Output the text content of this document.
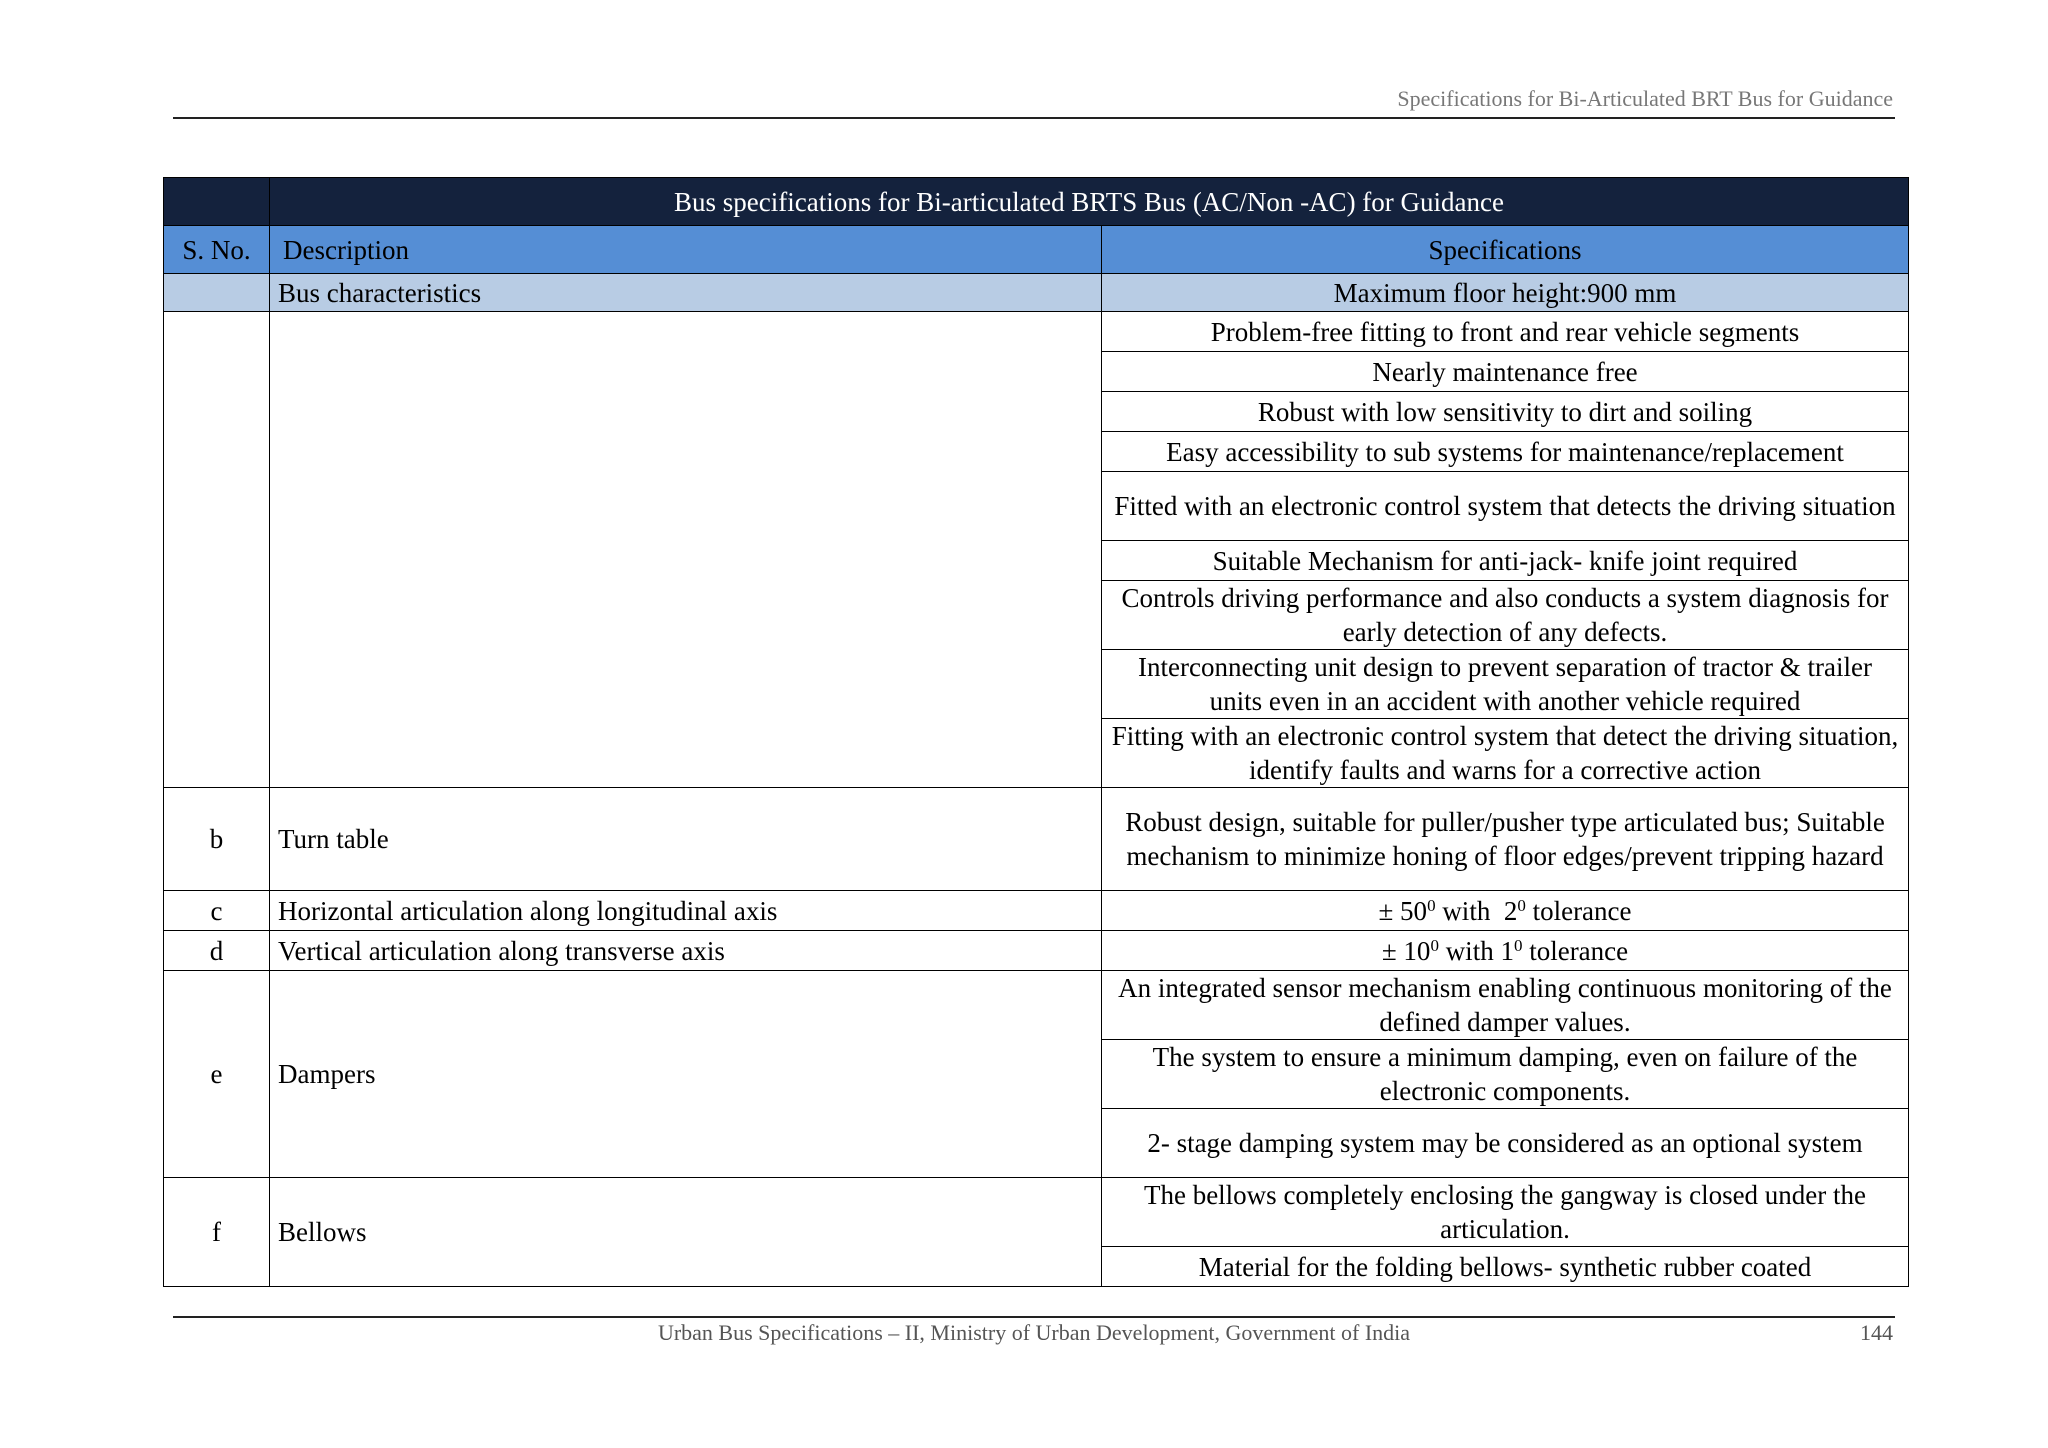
Specifications for Bi-Articulated BRT Bus for Guidance
	Bus specifications for Bi-articulated BRTS Bus (AC/Non -AC) for Guidance	
S. No.	Description	Specifications
	Bus characteristics	Maximum floor height:900 mm
		Problem-free fitting to front and rear vehicle segments
		Nearly maintenance free
		Robust with low sensitivity to dirt and soiling
		Easy accessibility to sub systems for maintenance/replacement
		Fitted with an electronic control system that detects the driving situation
		Suitable Mechanism for anti-jack- knife joint required
		Controls driving performance and also conducts a system diagnosis for early detection of any defects.
		Interconnecting unit design to prevent separation of tractor & trailer units even in an accident with another vehicle required
		Fitting with an electronic control system that detect the driving situation, identify faults and warns for a corrective action
b	Turn table	Robust design, suitable for puller/pusher type articulated bus; Suitable mechanism to minimize honing of floor edges/prevent tripping hazard
c	Horizontal articulation along longitudinal axis	± $50^0$ with  $2^0$ tolerance
d	Vertical articulation along transverse axis	± $10^0$ with $1^0$ tolerance
e	Dampers	An integrated sensor mechanism enabling continuous monitoring of the defined damper values.
		The system to ensure a minimum damping, even on failure of the electronic components.
		2- stage damping system may be considered as an optional system
f	Bellows	The bellows completely enclosing the gangway is closed under the articulation.
		Material for the folding bellows- synthetic rubber coated
Urban Bus Specifications – II, Ministry of Urban Development, Government of India	144
